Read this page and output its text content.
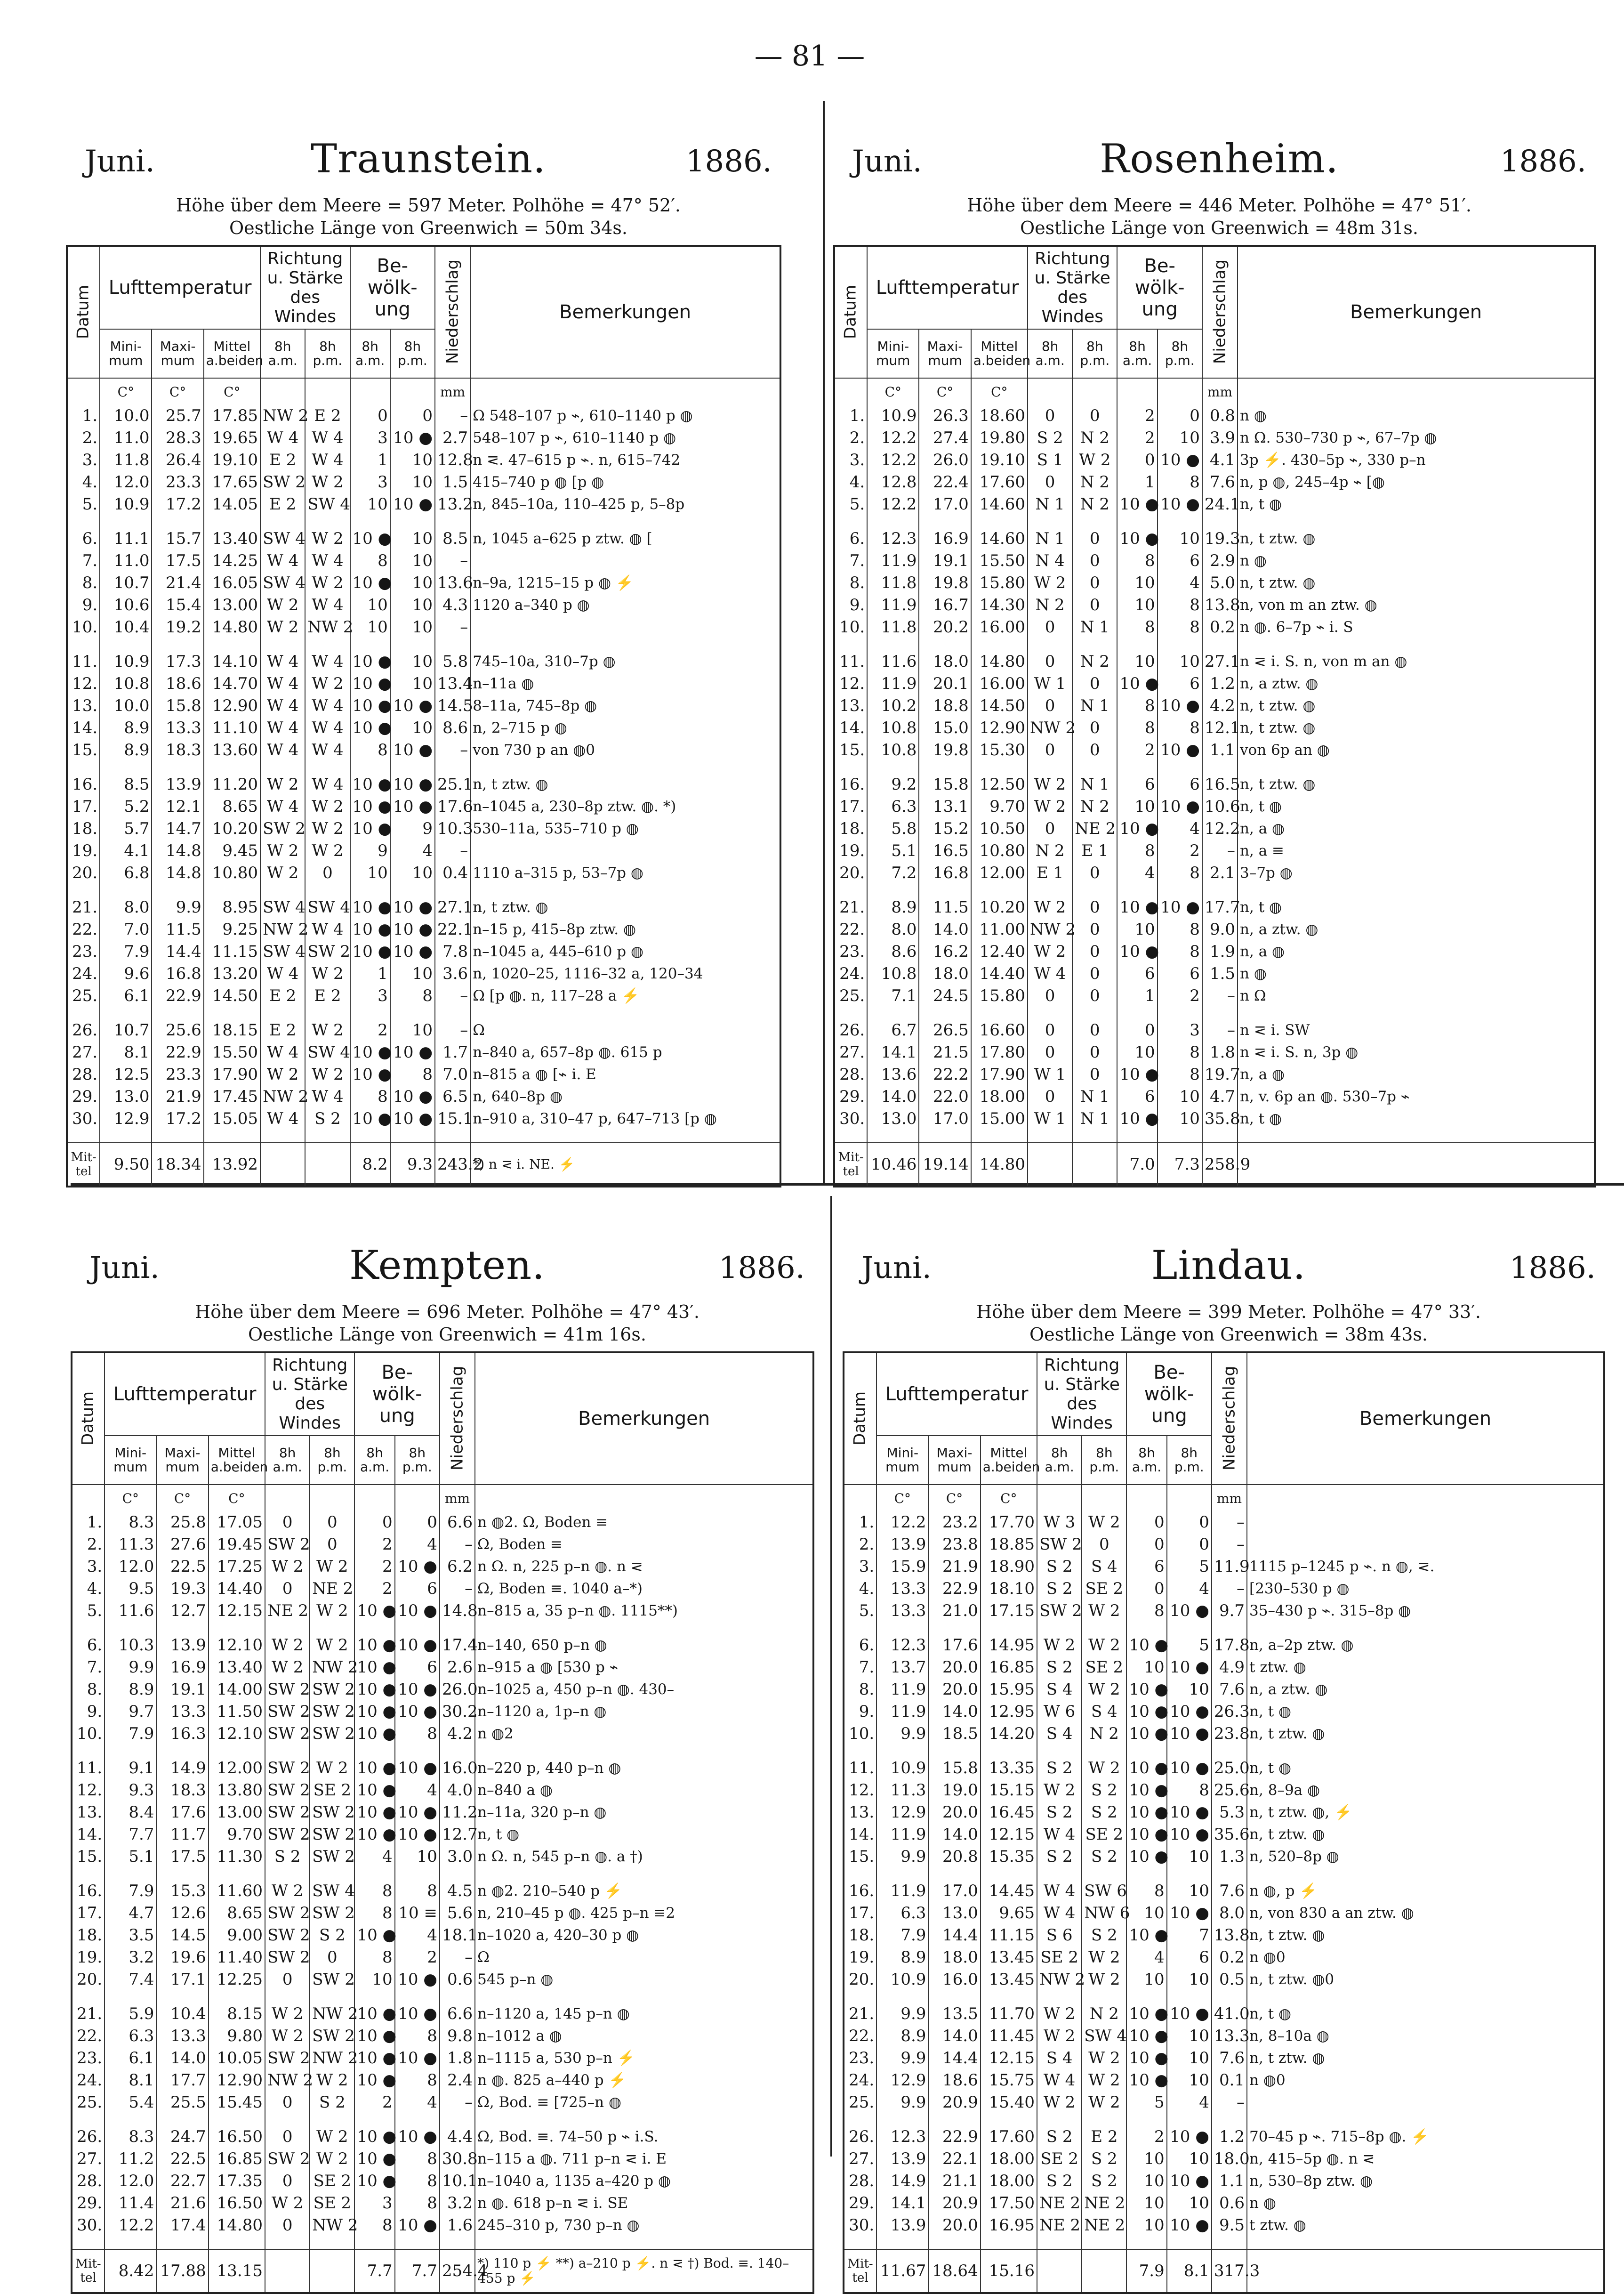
— 81 —
Juni.	Traunstein.	1886.
Höhe über dem Meere = 597 Meter. Polhöhe = 47° 52′.
Oestliche Länge von Greenwich = 50m 34s.
Datum	Lufttemperatur			Richtung u. Stärke des Windes		Be-wölk-ung		Niederschlag	Bemerkungen
	Mini-mum	Maxi-mum	Mittel a.beiden	8h a.m.	8h p.m.	8h a.m.	8h p.m.		
	C°	C°	C°					mm	
1.	10.0	25.7	17.85	NW 2	E 2	0	0	–	Ω 548–107 p ⌁, 610–1140 p ◍
2.	11.0	28.3	19.65	W 4	W 4	3	10 ●	2.7	548–107 p ⌁, 610–1140 p ◍
3.	11.8	26.4	19.10	E 2	W 4	1	10	12.8	n ⋜. 47–615 p ⌁. n, 615–742
4.	12.0	23.3	17.65	SW 2	W 2	3	10	1.5	415–740 p ◍ [p ◍
5.	10.9	17.2	14.05	E 2	SW 4	10	10 ●	13.2	n, 845–10a, 110–425 p, 5–8p

6.	11.1	15.7	13.40	SW 4	W 2	10 ●	10	8.5	n, 1045 a–625 p ztw. ◍ [
7.	11.0	17.5	14.25	W 4	W 4	8	10	–	
8.	10.7	21.4	16.05	SW 4	W 2	10 ●	10	13.6	n–9a, 1215–15 p ◍ ⚡
9.	10.6	15.4	13.00	W 2	W 4	10	10	4.3	1120 a–340 p ◍
10.	10.4	19.2	14.80	W 2	NW 2	10	10	–	

11.	10.9	17.3	14.10	W 4	W 4	10 ●	10	5.8	745–10a, 310–7p ◍
12.	10.8	18.6	14.70	W 4	W 2	10 ●	10	13.4	n–11a ◍
13.	10.0	15.8	12.90	W 4	W 4	10 ●	10 ●	14.5	8–11a, 745–8p ◍
14.	8.9	13.3	11.10	W 4	W 4	10 ●	10	8.6	n, 2–715 p ◍
15.	8.9	18.3	13.60	W 4	W 4	8	10 ●	–	von 730 p an ◍0

16.	8.5	13.9	11.20	W 2	W 4	10 ●	10 ●	25.1	n, t ztw. ◍
17.	5.2	12.1	8.65	W 4	W 2	10 ●	10 ●	17.6	n–1045 a, 230–8p ztw. ◍. *)
18.	5.7	14.7	10.20	SW 2	W 2	10 ●	9	10.3	530–11a, 535–710 p ◍
19.	4.1	14.8	9.45	W 2	W 2	9	4	–	
20.	6.8	14.8	10.80	W 2	0	10	10	0.4	1110 a–315 p, 53–7p ◍

21.	8.0	9.9	8.95	SW 4	SW 4	10 ●	10 ●	27.1	n, t ztw. ◍
22.	7.0	11.5	9.25	NW 2	W 4	10 ●	10 ●	22.1	n–15 p, 415–8p ztw. ◍
23.	7.9	14.4	11.15	SW 4	SW 2	10 ●	10 ●	7.8	n–1045 a, 445–610 p ◍
24.	9.6	16.8	13.20	W 4	W 2	1	10	3.6	n, 1020–25, 1116–32 a, 120–34
25.	6.1	22.9	14.50	E 2	E 2	3	8	–	Ω [p ◍. n, 117–28 a ⚡

26.	10.7	25.6	18.15	E 2	W 2	2	10	–	Ω
27.	8.1	22.9	15.50	W 4	SW 4	10 ●	10 ●	1.7	n–840 a, 657–8p ◍. 615 p
28.	12.5	23.3	17.90	W 2	W 2	10 ●	8	7.0	n–815 a ◍ [⌁ i. E
29.	13.0	21.9	17.45	NW 2	W 4	8	10 ●	6.5	n, 640–8p ◍
30.	12.9	17.2	15.05	W 4	S 2	10 ●	10 ●	15.1	n–910 a, 310–47 p, 647–713 [p ◍

Mit-tel	9.50	18.34	13.92			8.2	9.3	243.2	*) n ⋜ i. NE. ⚡
Juni.	Rosenheim.	1886.
Höhe über dem Meere = 446 Meter. Polhöhe = 47° 51′.
Oestliche Länge von Greenwich = 48m 31s.
Datum	Lufttemperatur			Richtung u. Stärke des Windes		Be-wölk-ung		Niederschlag	Bemerkungen
	Mini-mum	Maxi-mum	Mittel a.beiden	8h a.m.	8h p.m.	8h a.m.	8h p.m.		
	C°	C°	C°					mm	
1.	10.9	26.3	18.60	0	0	2	0	0.8	n ◍
2.	12.2	27.4	19.80	S 2	N 2	2	10	3.9	n Ω. 530–730 p ⌁, 67–7p ◍
3.	12.2	26.0	19.10	S 1	W 2	0	10 ●	4.1	3p ⚡. 430–5p ⌁, 330 p–n
4.	12.8	22.4	17.60	0	N 2	1	8	7.6	n, p ◍, 245–4p ⌁ [◍
5.	12.2	17.0	14.60	N 1	N 2	10 ●	10 ●	24.1	n, t ◍

6.	12.3	16.9	14.60	N 1	0	10 ●	10	19.3	n, t ztw. ◍
7.	11.9	19.1	15.50	N 4	0	8	6	2.9	n ◍
8.	11.8	19.8	15.80	W 2	0	10	4	5.0	n, t ztw. ◍
9.	11.9	16.7	14.30	N 2	0	10	8	13.8	n, von m an ztw. ◍
10.	11.8	20.2	16.00	0	N 1	8	8	0.2	n ◍. 6–7p ⌁ i. S

11.	11.6	18.0	14.80	0	N 2	10	10	27.1	n ⋜ i. S. n, von m an ◍
12.	11.9	20.1	16.00	W 1	0	10 ●	6	1.2	n, a ztw. ◍
13.	10.2	18.8	14.50	0	N 1	8	10 ●	4.2	n, t ztw. ◍
14.	10.8	15.0	12.90	NW 2	0	8	8	12.1	n, t ztw. ◍
15.	10.8	19.8	15.30	0	0	2	10 ●	1.1	von 6p an ◍

16.	9.2	15.8	12.50	W 2	N 1	6	6	16.5	n, t ztw. ◍
17.	6.3	13.1	9.70	W 2	N 2	10	10 ●	10.6	n, t ◍
18.	5.8	15.2	10.50	0	NE 2	10 ●	4	12.2	n, a ◍
19.	5.1	16.5	10.80	N 2	E 1	8	2	–	n, a ≡
20.	7.2	16.8	12.00	E 1	0	4	8	2.1	3–7p ◍

21.	8.9	11.5	10.20	W 2	0	10 ●	10 ●	17.7	n, t ◍
22.	8.0	14.0	11.00	NW 2	0	10	8	9.0	n, a ztw. ◍
23.	8.6	16.2	12.40	W 2	0	10 ●	8	1.9	n, a ◍
24.	10.8	18.0	14.40	W 4	0	6	6	1.5	n ◍
25.	7.1	24.5	15.80	0	0	1	2	–	n Ω

26.	6.7	26.5	16.60	0	0	0	3	–	n ⋜ i. SW
27.	14.1	21.5	17.80	0	0	10	8	1.8	n ⋜ i. S. n, 3p ◍
28.	13.6	22.2	17.90	W 1	0	10 ●	8	19.7	n, a ◍
29.	14.0	22.0	18.00	0	N 1	6	10	4.7	n, v. 6p an ◍. 530–7p ⌁
30.	13.0	17.0	15.00	W 1	N 1	10 ●	10	35.8	n, t ◍

Mit-tel	10.46	19.14	14.80			7.0	7.3	258.9	
Juni.	Kempten.	1886.
Höhe über dem Meere = 696 Meter. Polhöhe = 47° 43′.
Oestliche Länge von Greenwich = 41m 16s.
Datum	Lufttemperatur			Richtung u. Stärke des Windes		Be-wölk-ung		Niederschlag	Bemerkungen
	Mini-mum	Maxi-mum	Mittel a.beiden	8h a.m.	8h p.m.	8h a.m.	8h p.m.		
	C°	C°	C°					mm	
1.	8.3	25.8	17.05	0	0	0	0	6.6	n ◍2. Ω, Boden ≡
2.	11.3	27.6	19.45	SW 2	0	2	4	–	Ω, Boden ≡
3.	12.0	22.5	17.25	W 2	W 2	2	10 ●	6.2	n Ω. n, 225 p–n ◍. n ⋜
4.	9.5	19.3	14.40	0	NE 2	2	6	–	Ω, Boden ≡. 1040 a–*)
5.	11.6	12.7	12.15	NE 2	W 2	10 ●	10 ●	14.8	n–815 a, 35 p–n ◍. 1115**)

6.	10.3	13.9	12.10	W 2	W 2	10 ●	10 ●	17.4	n–140, 650 p–n ◍
7.	9.9	16.9	13.40	W 2	NW 2	10 ●	6	2.6	n–915 a ◍ [530 p ⌁
8.	8.9	19.1	14.00	SW 2	SW 2	10 ●	10 ●	26.0	n–1025 a, 450 p–n ◍. 430–
9.	9.7	13.3	11.50	SW 2	SW 2	10 ●	10 ●	30.2	n–1120 a, 1p–n ◍
10.	7.9	16.3	12.10	SW 2	SW 2	10 ●	8	4.2	n ◍2

11.	9.1	14.9	12.00	SW 2	W 2	10 ●	10 ●	16.0	n–220 p, 440 p–n ◍
12.	9.3	18.3	13.80	SW 2	SE 2	10 ●	4	4.0	n–840 a ◍
13.	8.4	17.6	13.00	SW 2	SW 2	10 ●	10 ●	11.2	n–11a, 320 p–n ◍
14.	7.7	11.7	9.70	SW 2	SW 2	10 ●	10 ●	12.7	n, t ◍
15.	5.1	17.5	11.30	S 2	SW 2	4	10	3.0	n Ω. n, 545 p–n ◍. a †)

16.	7.9	15.3	11.60	W 2	SW 4	8	8	4.5	n ◍2. 210–540 p ⚡
17.	4.7	12.6	8.65	SW 2	SW 2	8	10 ≡	5.6	n, 210–45 p ◍. 425 p–n ≡2
18.	3.5	14.5	9.00	SW 2	S 2	10 ●	4	18.1	n–1020 a, 420–30 p ◍
19.	3.2	19.6	11.40	SW 2	0	8	2	–	Ω
20.	7.4	17.1	12.25	0	SW 2	10	10 ●	0.6	545 p–n ◍

21.	5.9	10.4	8.15	W 2	NW 2	10 ●	10 ●	6.6	n–1120 a, 145 p–n ◍
22.	6.3	13.3	9.80	W 2	SW 2	10 ●	8	9.8	n–1012 a ◍
23.	6.1	14.0	10.05	SW 2	NW 2	10 ●	10 ●	1.8	n–1115 a, 530 p–n ⚡
24.	8.1	17.7	12.90	NW 2	W 2	10 ●	8	2.4	n ◍. 825 a–440 p ⚡
25.	5.4	25.5	15.45	0	S 2	2	4	–	Ω, Bod. ≡ [725–n ◍

26.	8.3	24.7	16.50	0	W 2	10 ●	10 ●	4.4	Ω, Bod. ≡. 74–50 p ⌁ i.S.
27.	11.2	22.5	16.85	SW 2	W 2	10 ●	8	30.8	n–115 a ◍. 711 p–n ⋜ i. E
28.	12.0	22.7	17.35	0	SE 2	10 ●	8	10.1	n–1040 a, 1135 a–420 p ◍
29.	11.4	21.6	16.50	W 2	SE 2	3	8	3.2	n ◍. 618 p–n ⋜ i. SE
30.	12.2	17.4	14.80	0	NW 2	8	10 ●	1.6	245–310 p, 730 p–n ◍

Mit-tel	8.42	17.88	13.15			7.7	7.7	254.4	*) 110 p ⚡ **) a–210 p ⚡. n ⋜ †) Bod. ≡. 140–455 p ⚡
Juni.	Lindau.	1886.
Höhe über dem Meere = 399 Meter. Polhöhe = 47° 33′.
Oestliche Länge von Greenwich = 38m 43s.
Datum	Lufttemperatur			Richtung u. Stärke des Windes		Be-wölk-ung		Niederschlag	Bemerkungen
	Mini-mum	Maxi-mum	Mittel a.beiden	8h a.m.	8h p.m.	8h a.m.	8h p.m.		
	C°	C°	C°					mm	
1.	12.2	23.2	17.70	W 3	W 2	0	0	–	
2.	13.9	23.8	18.85	SW 2	0	0	0	–	
3.	15.9	21.9	18.90	S 2	S 4	6	5	11.9	1115 p–1245 p ⌁. n ◍, ⋜.
4.	13.3	22.9	18.10	S 2	SE 2	0	4	–	[230–530 p ◍
5.	13.3	21.0	17.15	SW 2	W 2	8	10 ●	9.7	35–430 p ⌁. 315–8p ◍

6.	12.3	17.6	14.95	W 2	W 2	10 ●	5	17.8	n, a–2p ztw. ◍
7.	13.7	20.0	16.85	S 2	SE 2	10	10 ●	4.9	t ztw. ◍
8.	11.9	20.0	15.95	S 4	W 2	10 ●	10	7.6	n, a ztw. ◍
9.	11.9	14.0	12.95	W 6	S 4	10 ●	10 ●	26.3	n, t ◍
10.	9.9	18.5	14.20	S 4	N 2	10 ●	10 ●	23.8	n, t ztw. ◍

11.	10.9	15.8	13.35	S 2	W 2	10 ●	10 ●	25.0	n, t ◍
12.	11.3	19.0	15.15	W 2	S 2	10 ●	8	25.6	n, 8–9a ◍
13.	12.9	20.0	16.45	S 2	S 2	10 ●	10 ●	5.3	n, t ztw. ◍, ⚡
14.	11.9	14.0	12.15	W 4	SE 2	10 ●	10 ●	35.6	n, t ztw. ◍
15.	9.9	20.8	15.35	S 2	S 2	10 ●	10	1.3	n, 520–8p ◍

16.	11.9	17.0	14.45	W 4	SW 6	8	10	7.6	n ◍, p ⚡
17.	6.3	13.0	9.65	W 4	NW 6	10	10 ●	8.0	n, von 830 a an ztw. ◍
18.	7.9	14.4	11.15	S 6	S 2	10 ●	7	13.8	n, t ztw. ◍
19.	8.9	18.0	13.45	SE 2	W 2	4	6	0.2	n ◍0
20.	10.9	16.0	13.45	NW 2	W 2	10	10	0.5	n, t ztw. ◍0

21.	9.9	13.5	11.70	W 2	N 2	10 ●	10 ●	41.0	n, t ◍
22.	8.9	14.0	11.45	W 2	SW 4	10 ●	10	13.3	n, 8–10a ◍
23.	9.9	14.4	12.15	S 4	W 2	10 ●	10	7.6	n, t ztw. ◍
24.	12.9	18.6	15.75	W 4	W 2	10 ●	10	0.1	n ◍0
25.	9.9	20.9	15.40	W 2	W 2	5	4	–	

26.	12.3	22.9	17.60	S 2	E 2	2	10 ●	1.2	70–45 p ⌁. 715–8p ◍. ⚡
27.	13.9	22.1	18.00	SE 2	S 2	10	10	18.0	n, 415–5p ◍. n ⋜
28.	14.9	21.1	18.00	S 2	S 2	10	10 ●	1.1	n, 530–8p ztw. ◍
29.	14.1	20.9	17.50	NE 2	NE 2	10	10	0.6	n ◍
30.	13.9	20.0	16.95	NE 2	NE 2	10	10 ●	9.5	t ztw. ◍

Mit-tel	11.67	18.64	15.16			7.9	8.1	317.3	
